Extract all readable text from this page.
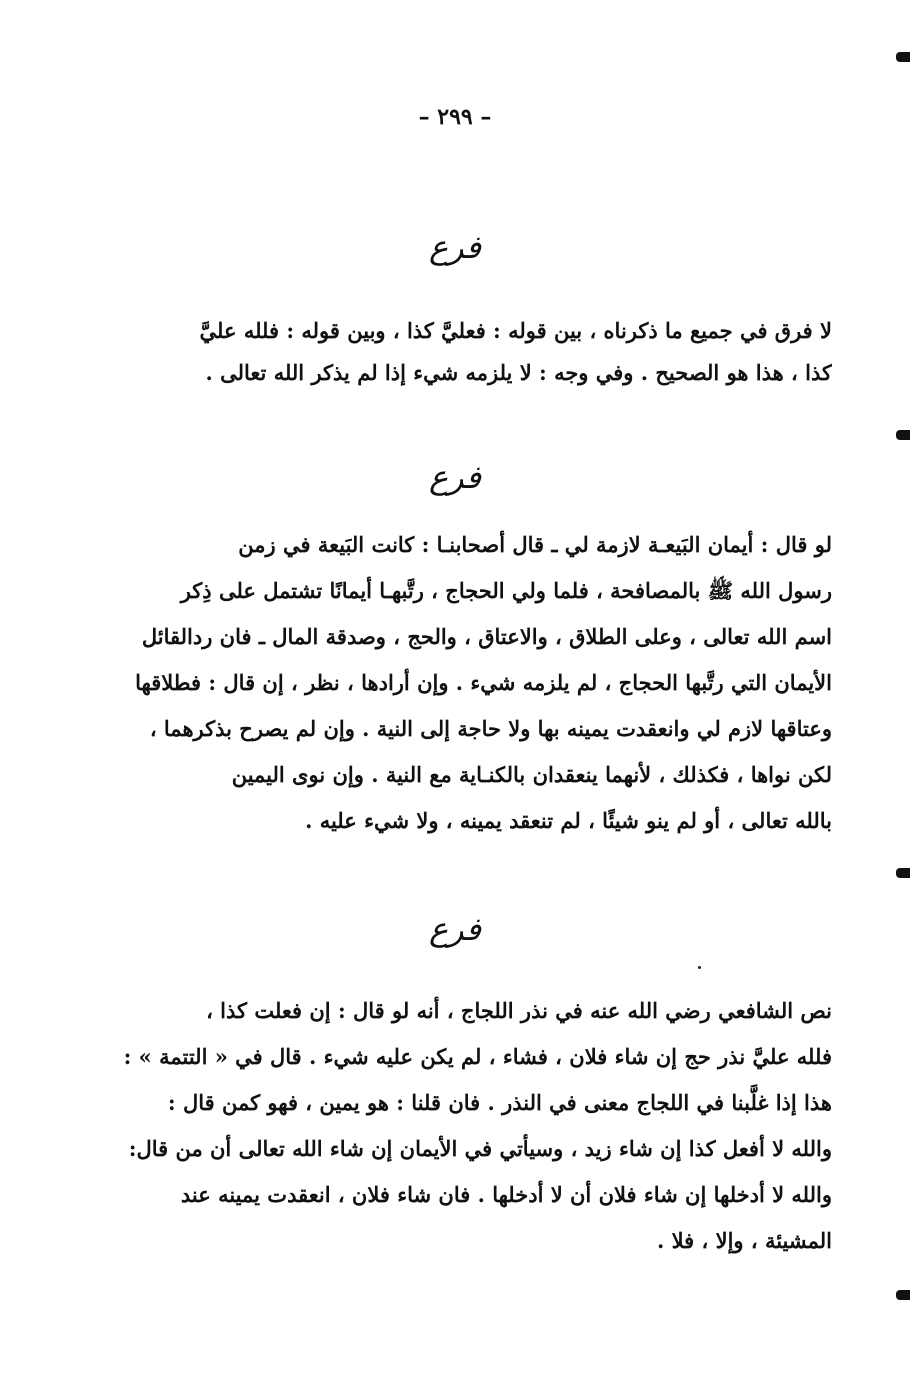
– ٢٩٩ –
فرع
لا فرق في جميع ما ذكرناه ، بين قوله : فعليَّ كذا ، وبين قوله : فلله عليَّ
كذا ، هذا هو الصحيح . وفي وجه : لا يلزمه شيء إذا لم يذكر الله تعالى .
فرع
لو قال : أيمان البَيعـة لازمة لي ـ قال أصحابنـا : كانت البَيعة في زمن
رسول الله ﷺ بالمصافحة ، فلما ولي الحجاج ، رتَّبهـا أيمانًا تشتمل على ذِكر
اسم الله تعالى ، وعلى الطلاق ، والاعتاق ، والحج ، وصدقة المال ـ فان ردالقائل
الأيمان التي رتَّبها الحجاج ، لم يلزمه شيء . وإن أرادها ، نظر ، إن قال : فطلاقها
وعتاقها لازم لي وانعقدت يمينه بها ولا حاجة إلى النية . وإن لم يصرح بذكرهما ،
لكن نواها ، فكذلك ، لأنهما ينعقدان بالكنـاية مع النية . وإن نوى اليمين
بالله تعالى ، أو لم ينو شيئًا ، لم تنعقد يمينه ، ولا شيء عليه .
فرع
نص الشافعي رضي الله عنه في نذر اللجاج ، أنه لو قال : إن فعلت كذا ،
فلله عليَّ نذر حج إن شاء فلان ، فشاء ، لم يكن عليه شيء . قال في « التتمة » :
هذا إذا غلَّبنا في اللجاج معنى في النذر . فان قلنا : هو يمين ، فهو كمن قال :
والله لا أفعل كذا إن شاء زيد ، وسيأتي في الأيمان إن شاء الله تعالى أن من قال:
والله لا أدخلها إن شاء فلان أن لا أدخلها . فان شاء فلان ، انعقدت يمينه عند
المشيئة ، وإلا ، فلا .
